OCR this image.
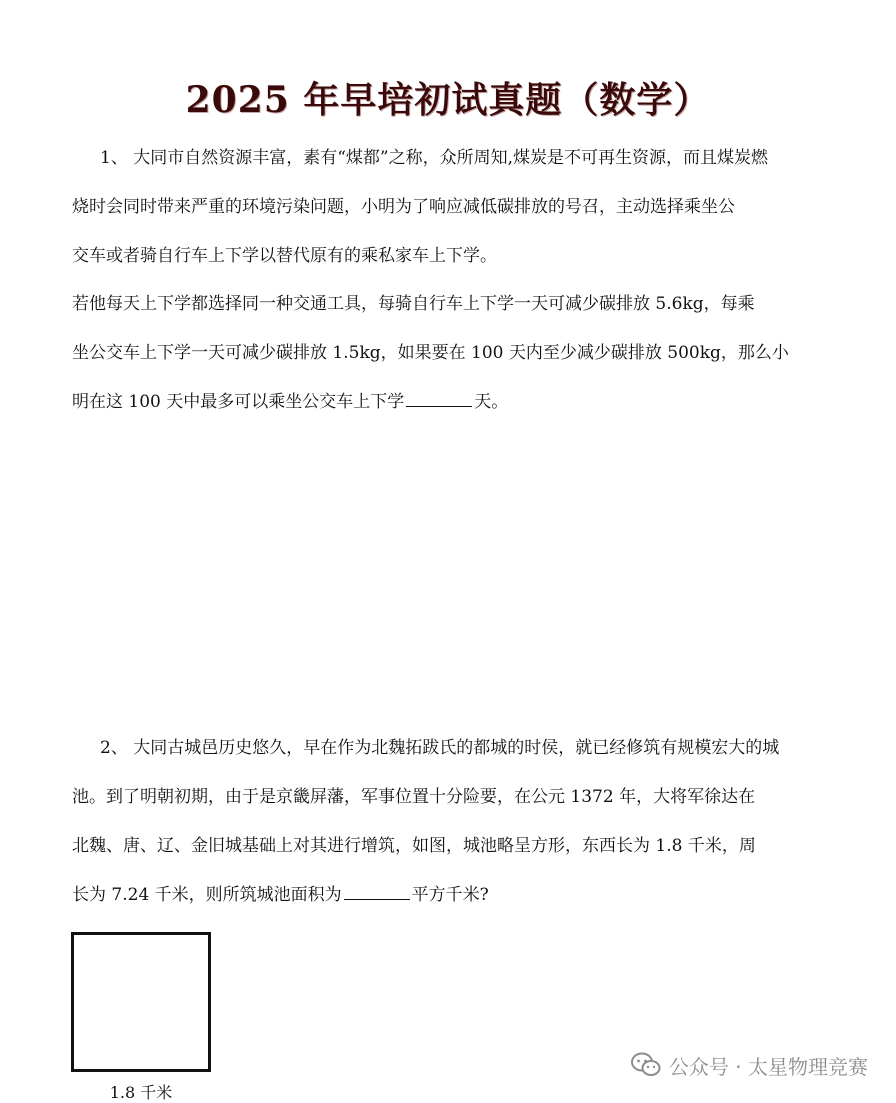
2025 年早培初试真题（数学）
1、 大同市自然资源丰富，素有“煤都”之称，众所周知,煤炭是不可再生资源，而且煤炭燃
烧时会同时带来严重的环境污染问题，小明为了响应减低碳排放的号召，主动选择乘坐公
交车或者骑自行车上下学以替代原有的乘私家车上下学。
若他每天上下学都选择同一种交通工具，每骑自行车上下学一天可减少碳排放 5.6kg，每乘
坐公交车上下学一天可减少碳排放 1.5kg，如果要在 100 天内至少减少碳排放 500kg，那么小
明在这 100 天中最多可以乘坐公交车上下学	天。
2、 大同古城邑历史悠久，早在作为北魏拓跋氏的都城的时侯，就已经修筑有规模宏大的城
池。到了明朝初期，由于是京畿屏藩，军事位置十分险要，在公元 1372 年，大将军徐达在
北魏、唐、辽、金旧城基础上对其进行增筑，如图，城池略呈方形，东西长为 1.8 千米，周
长为 7.24 千米，则所筑城池面积为	平方千米?
1.8 千米
公众号 · 太星物理竞赛
